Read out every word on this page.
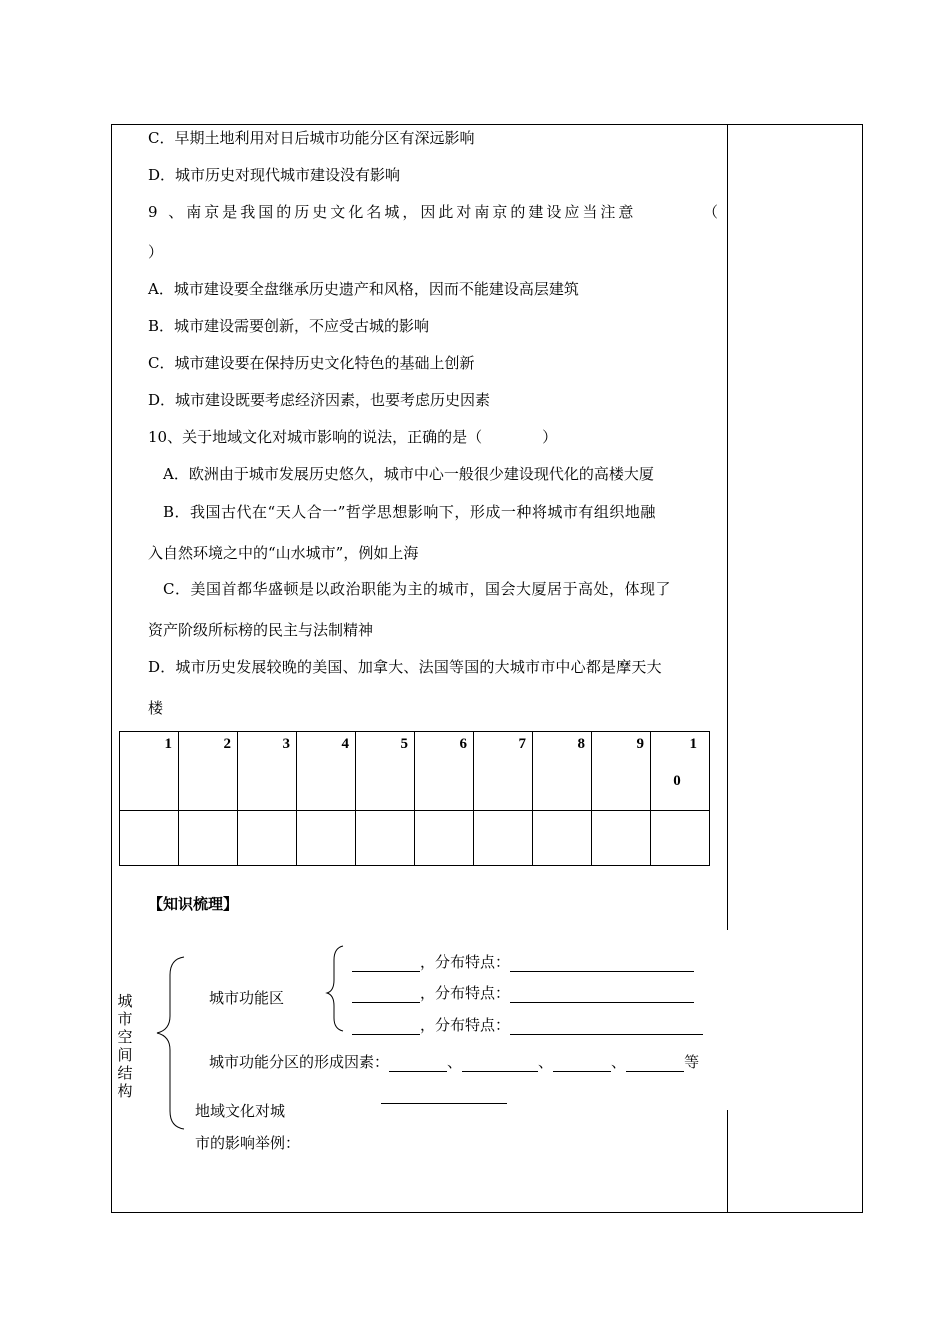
C．早期土地利用对日后城市功能分区有深远影响
D．城市历史对现代城市建设没有影响
9 、南京是我国的历史文化名城，因此对南京的建设应当注意	（
）
A．城市建设要全盘继承历史遗产和风格，因而不能建设高层建筑
B．城市建设需要创新，不应受古城的影响
C．城市建设要在保持历史文化特色的基础上创新
D．城市建设既要考虑经济因素，也要考虑历史因素
10、关于地域文化对城市影响的说法，正确的是（　　　　）
A．欧洲由于城市发展历史悠久，城市中心一般很少建设现代化的高楼大厦
B．我国古代在“天人合一”哲学思想影响下，形成一种将城市有组织地融
入自然环境之中的“山水城市”，例如上海
C．美国首都华盛顿是以政治职能为主的城市，国会大厦居于高处，体现了
资产阶级所标榜的民主与法制精神
D．城市历史发展较晚的美国、加拿大、法国等国的大城市市中心都是摩天大
楼
1	2	3	4	5	6	7	8	9	1
0

【知识梳理】
城
市
空
间
结
构
城市功能区
，分布特点：
，分布特点：
，分布特点：
城市功能分区的形成因素：	、	、	、	等
地域文化对城
市的影响举例：
